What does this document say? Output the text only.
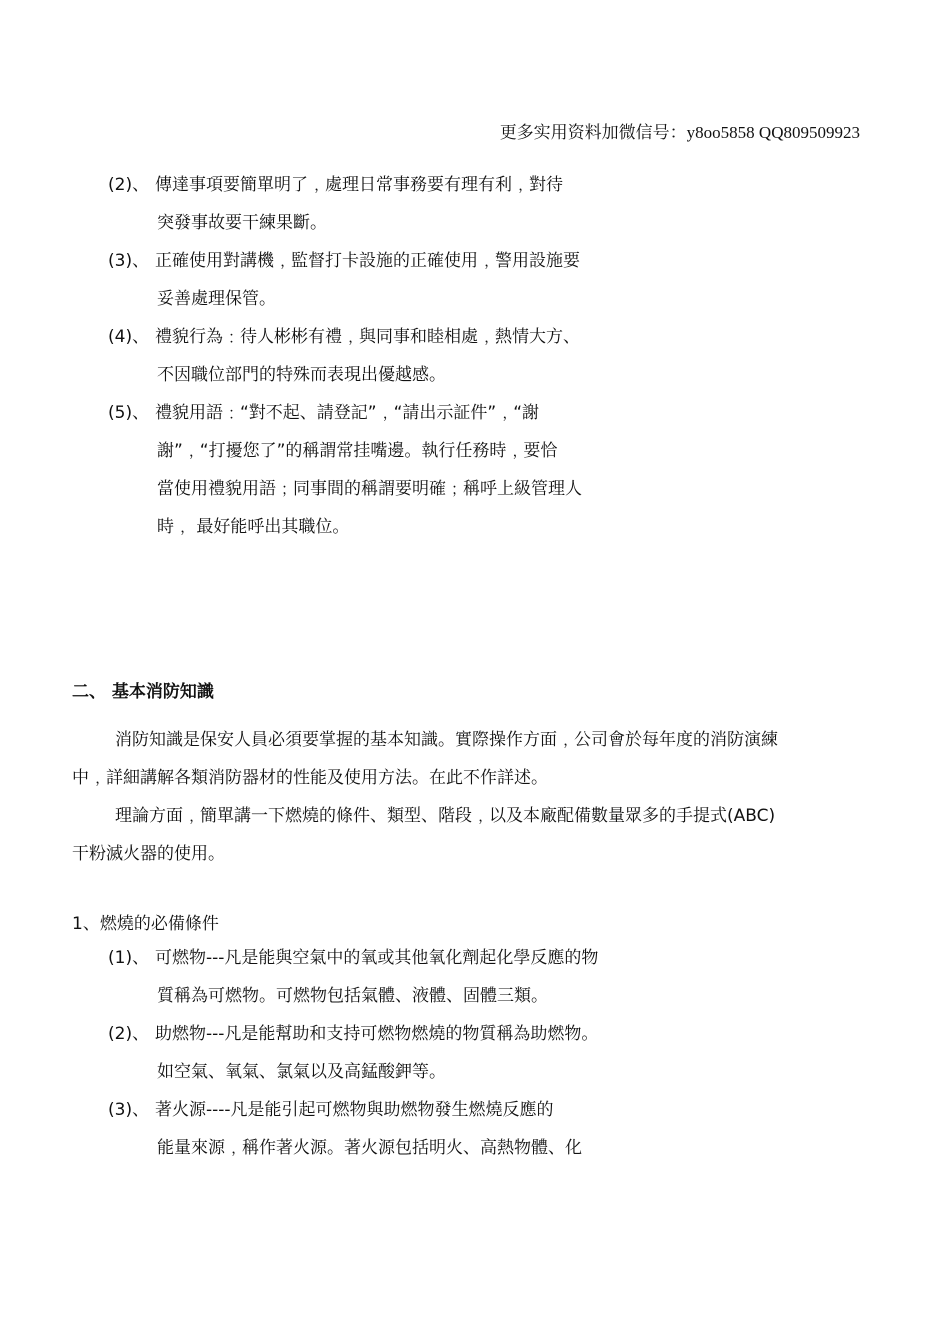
更多实用资料加微信号：y8oo5858 QQ809509923
(2)、 傳達事項要簡單明了﹐處理日常事務要有理有利﹐對待
突發事故要干練果斷。
(3)、 正確使用對講機﹐監督打卡設施的正確使用﹐警用設施要
妥善處理保管。
(4)、 禮貌行為﹕待人彬彬有禮﹐與同事和睦相處﹐熱情大方、
不因職位部門的特殊而表現出優越感。
(5)、 禮貌用語﹕“對不起、請登記”﹐“請出示証件”﹐“謝
謝”﹐“打擾您了”的稱謂常挂嘴邊。執行任務時﹐要恰
當使用禮貌用語﹔同事間的稱謂要明確﹔稱呼上級管理人
時﹐ 最好能呼出其職位。
二、 基本消防知識
消防知識是保安人員必須要掌握的基本知識。實際操作方面﹐公司會於每年度的消防演練
中﹐詳細講解各類消防器材的性能及使用方法。在此不作詳述。
理論方面﹐簡單講一下燃燒的條件、類型、階段﹐以及本廠配備數量眾多的手提式(ABC)
干粉滅火器的使用。
1、燃燒的必備條件
(1)、 可燃物---凡是能與空氣中的氧或其他氧化劑起化學反應的物
質稱為可燃物。可燃物包括氣體、液體、固體三類。
(2)、 助燃物---凡是能幫助和支持可燃物燃燒的物質稱為助燃物。
如空氣、氧氣、氯氣以及高錳酸鉀等。
(3)、 著火源----凡是能引起可燃物與助燃物發生燃燒反應的
能量來源﹐稱作著火源。著火源包括明火、高熱物體、化
